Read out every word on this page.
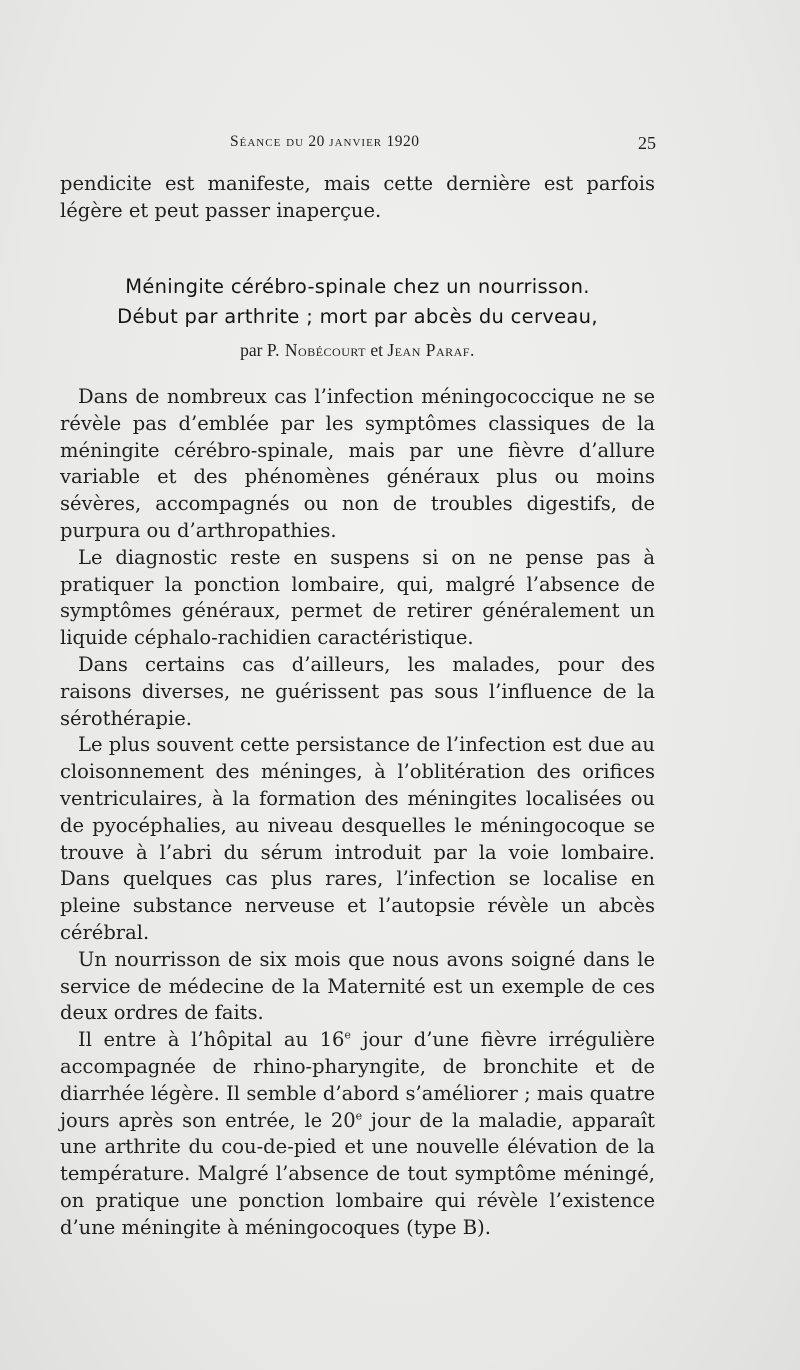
Séance du 20 janvier 1920	25

pendicite est manifeste, mais cette dernière est parfois légère et peut passer inaperçue.

Méningite cérébro-spinale chez un nourrisson.
Début par arthrite ; mort par abcès du cerveau,
par P. Nobécourt et Jean Paraf.

Dans de nombreux cas l’infection méningococcique ne se révèle pas d’emblée par les symptômes classiques de la méningite cérébro-spinale, mais par une fièvre d’allure variable et des phénomènes généraux plus ou moins sévères, accompagnés ou non de troubles digestifs, de purpura ou d’arthropathies.

Le diagnostic reste en suspens si on ne pense pas à pratiquer la ponction lombaire, qui, malgré l’absence de symptômes généraux, permet de retirer généralement un liquide céphalo-rachidien caractéristique.

Dans certains cas d’ailleurs, les malades, pour des raisons diverses, ne guérissent pas sous l’influence de la sérothérapie.

Le plus souvent cette persistance de l’infection est due au cloisonnement des méninges, à l’oblitération des orifices ventriculaires, à la formation des méningites localisées ou de pyocéphalies, au niveau desquelles le méningocoque se trouve à l’abri du sérum introduit par la voie lombaire. Dans quelques cas plus rares, l’infection se localise en pleine substance nerveuse et l’autopsie révèle un abcès cérébral.

Un nourrisson de six mois que nous avons soigné dans le service de médecine de la Maternité est un exemple de ces deux ordres de faits.

Il entre à l’hôpital au 16e jour d’une fièvre irrégulière accompagnée de rhino-pharyngite, de bronchite et de diarrhée légère. Il semble d’abord s’améliorer ; mais quatre jours après son entrée, le 20e jour de la maladie, apparaît une arthrite du cou-de-pied et une nouvelle élévation de la température. Malgré l’absence de tout symptôme méningé, on pratique une ponction lombaire qui révèle l’existence d’une méningite à méningocoques (type B).
